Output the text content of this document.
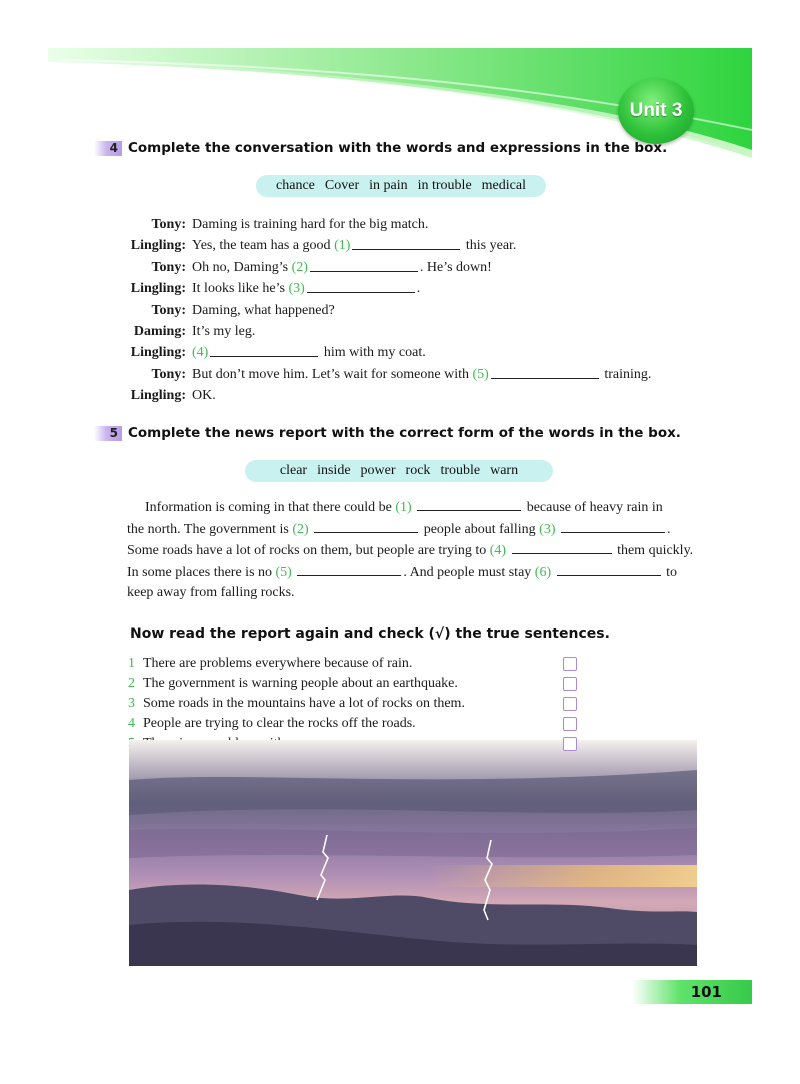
Unit 3
4 Complete the conversation with the words and expressions in the box.
chance Cover in pain in trouble medical
Tony: Daming is training hard for the big match.
Lingling: Yes, the team has a good (1)	this year.
Tony: Oh no, Daming’s (2)	. He’s down!
Lingling: It looks like he’s (3)	.
Tony: Daming, what happened?
Daming: It’s my leg.
Lingling: (4)	him with my coat.
Tony: But don’t move him. Let’s wait for someone with (5)	training.
Lingling: OK.
5 Complete the news report with the correct form of the words in the box.
clear inside power rock trouble warn
Information is coming in that there could be (1)	because of heavy rain in
the north. The government is (2)	people about falling (3)	.
Some roads have a lot of rocks on them, but people are trying to (4)	them quickly.
In some places there is no (5)	. And people must stay (6)	to
keep away from falling rocks.
Now read the report again and check (√) the true sentences.
1 There are problems everywhere because of rain.
2 The government is warning people about an earthquake.
3 Some roads in the mountains have a lot of rocks on them.
4 People are trying to clear the rocks off the roads.
101
